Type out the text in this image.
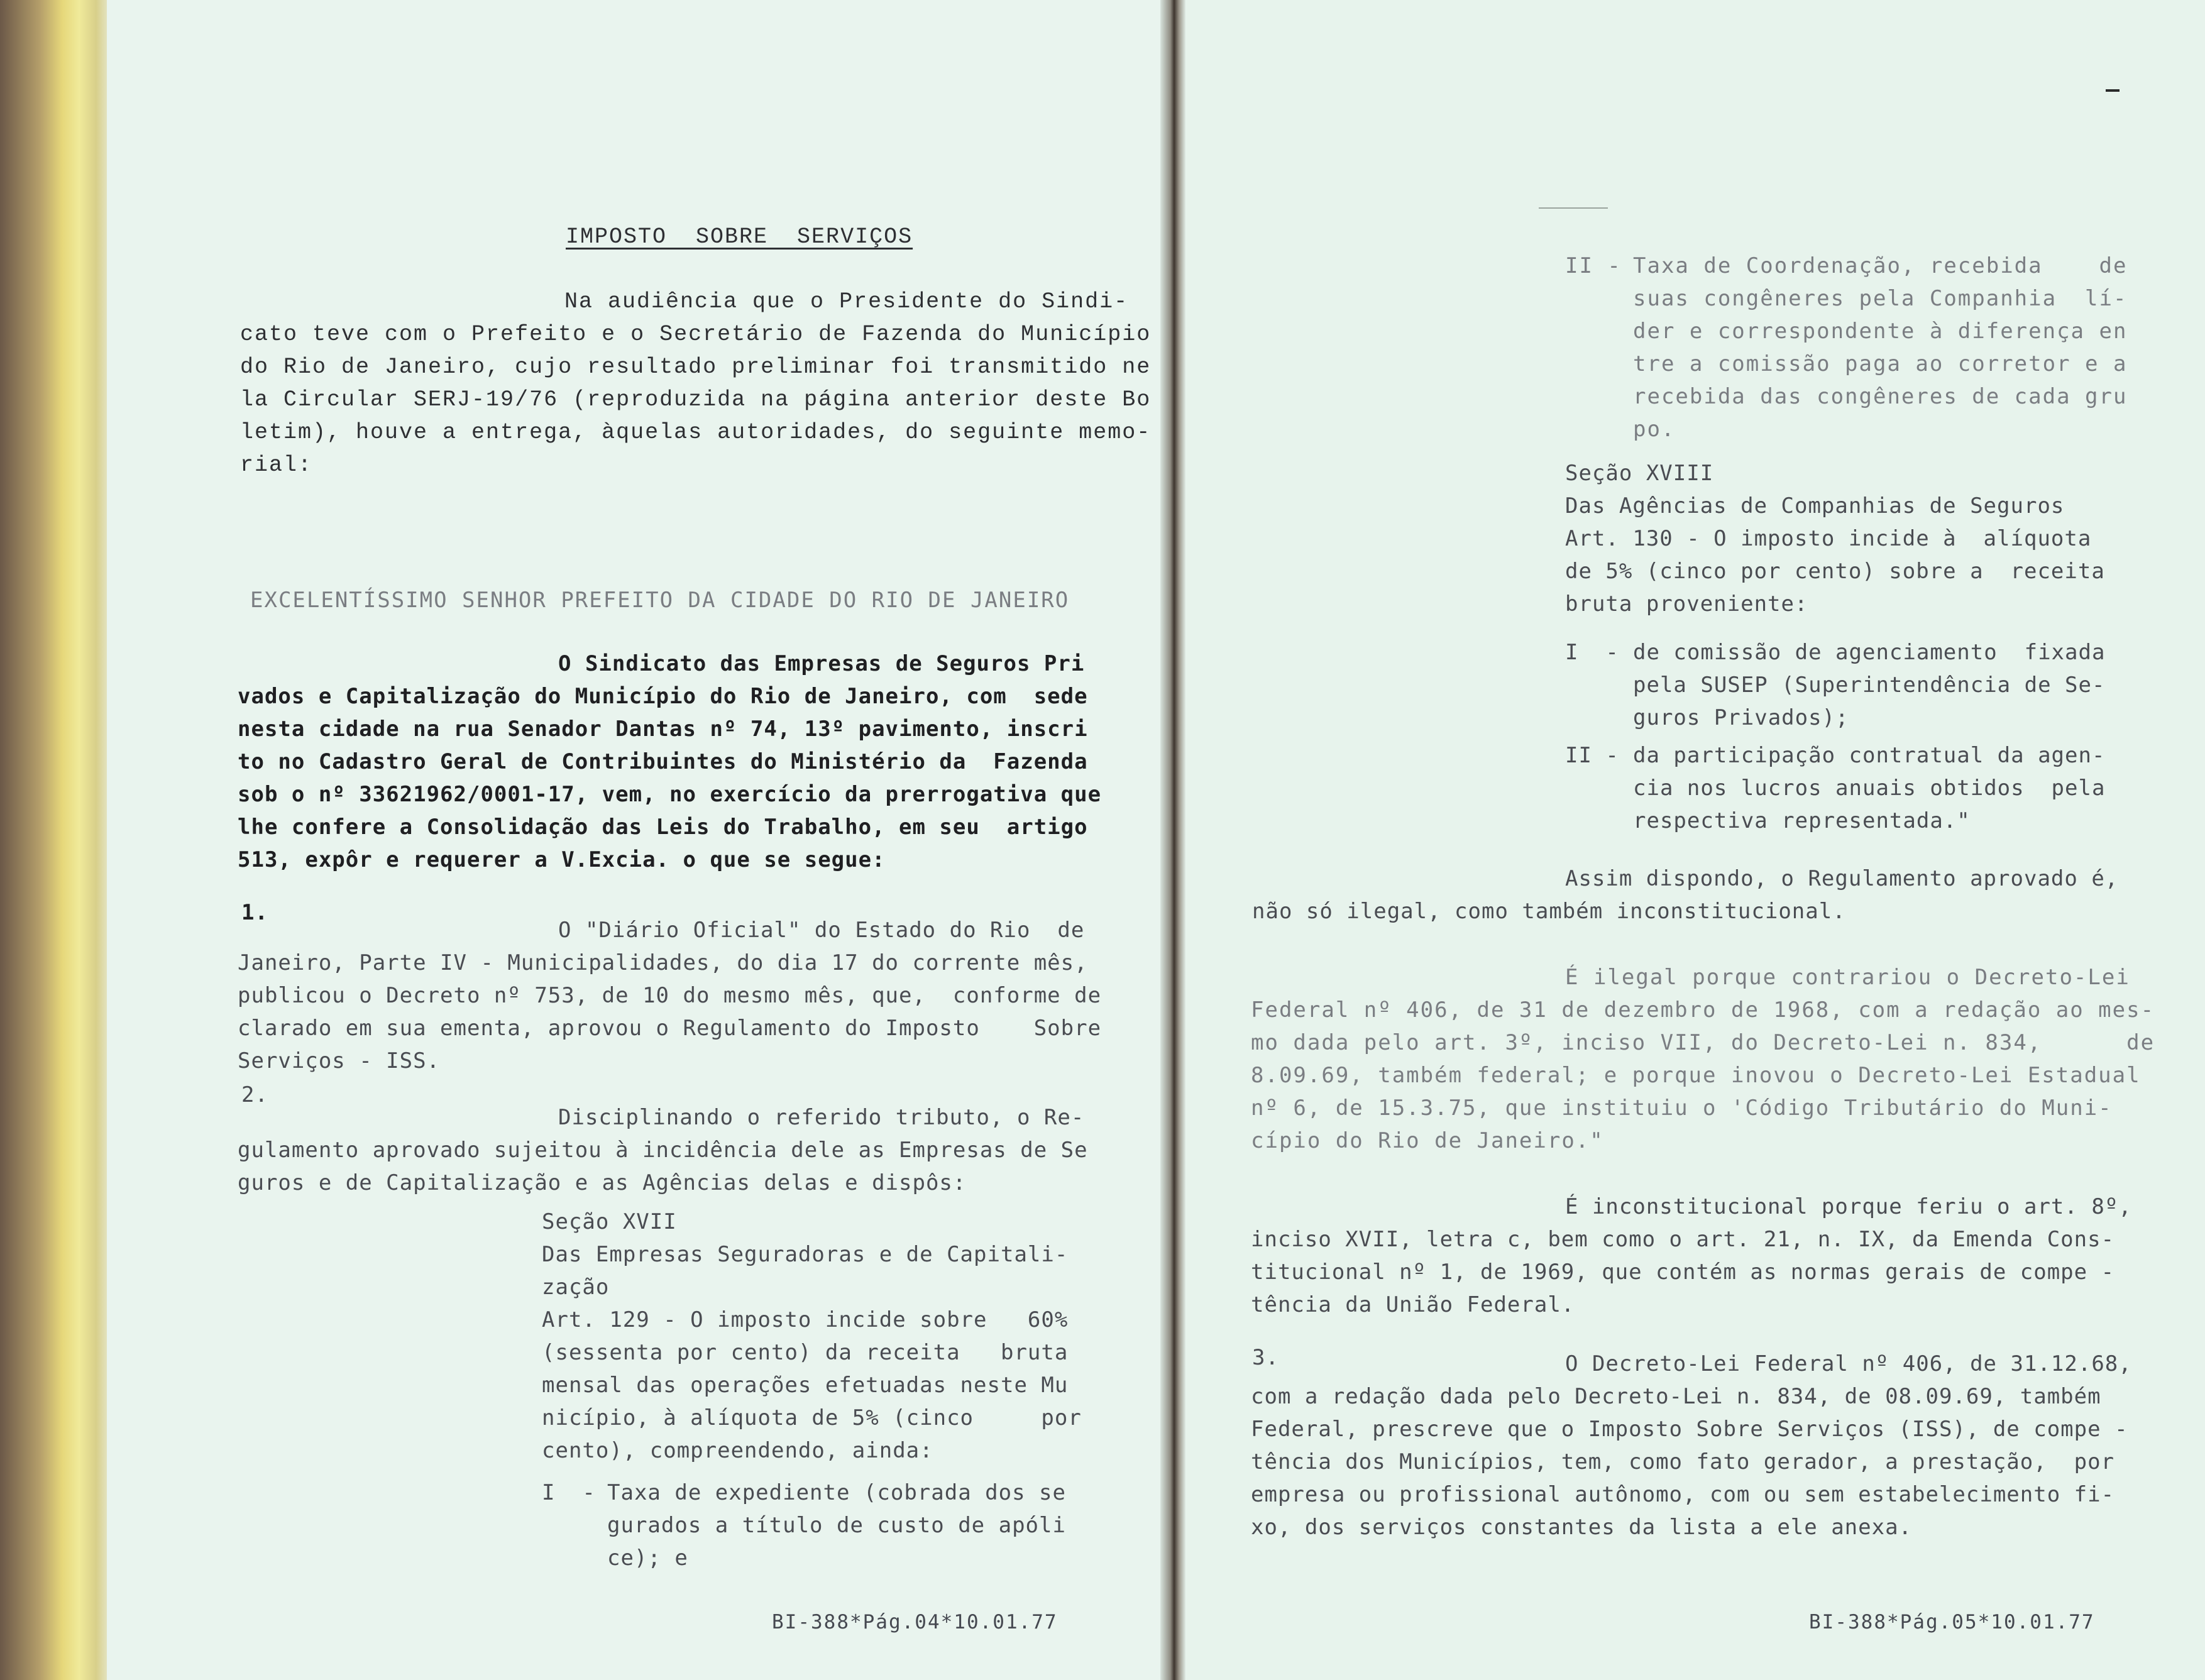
IMPOSTO  SOBRE  SERVIÇOS
Na audiência que o Presidente do Sindi-
cato teve com o Prefeito e o Secretário de Fazenda do Município
do Rio de Janeiro, cujo resultado preliminar foi transmitido ne
la Circular SERJ-19/76 (reproduzida na página anterior deste Bo
letim), houve a entrega, àquelas autoridades, do seguinte memo-
rial:
EXCELENTÍSSIMO SENHOR PREFEITO DA CIDADE DO RIO DE JANEIRO
O Sindicato das Empresas de Seguros Pri
vados e Capitalização do Município do Rio de Janeiro, com  sede
nesta cidade na rua Senador Dantas nº 74, 13º pavimento, inscri
to no Cadastro Geral de Contribuintes do Ministério da  Fazenda
sob o nº 33621962/0001-17, vem, no exercício da prerrogativa que
lhe confere a Consolidação das Leis do Trabalho, em seu  artigo
513, expôr e requerer a V.Excia. o que se segue:
1.
O "Diário Oficial" do Estado do Rio  de
Janeiro, Parte IV - Municipalidades, do dia 17 do corrente mês,
publicou o Decreto nº 753, de 10 do mesmo mês, que,  conforme de
clarado em sua ementa, aprovou o Regulamento do Imposto    Sobre
Serviços - ISS.
2.
Disciplinando o referido tributo, o Re-
gulamento aprovado sujeitou à incidência dele as Empresas de Se
guros e de Capitalização e as Agências delas e dispôs:
Seção XVII
Das Empresas Seguradoras e de Capitali-
zação
Art. 129 - O imposto incide sobre   60%
(sessenta por cento) da receita   bruta
mensal das operações efetuadas neste Mu
nicípio, à alíquota de 5% (cinco     por
cento), compreendendo, ainda:
I  - Taxa de expediente (cobrada dos se
gurados a título de custo de apóli
ce); e
BI-388*Pág.04*10.01.77
II - Taxa de Coordenação, recebida    de
suas congêneres pela Companhia  lí-
der e correspondente à diferença en
tre a comissão paga ao corretor e a
recebida das congêneres de cada gru
po.
Seção XVIII
Das Agências de Companhias de Seguros
Art. 130 - O imposto incide à  alíquota
de 5% (cinco por cento) sobre a  receita
bruta proveniente:
I  - de comissão de agenciamento  fixada
pela SUSEP (Superintendência de Se-
guros Privados);
II - da participação contratual da agen-
cia nos lucros anuais obtidos  pela
respectiva representada."
Assim dispondo, o Regulamento aprovado é,
não só ilegal, como também inconstitucional.
É ilegal porque contrariou o Decreto-Lei
Federal nº 406, de 31 de dezembro de 1968, com a redação ao mes-
mo dada pelo art. 3º, inciso VII, do Decreto-Lei n. 834,      de
8.09.69, também federal; e porque inovou o Decreto-Lei Estadual
nº 6, de 15.3.75, que instituiu o 'Código Tributário do Muni-
cípio do Rio de Janeiro."
É inconstitucional porque feriu o art. 8º,
inciso XVII, letra c, bem como o art. 21, n. IX, da Emenda Cons-
titucional nº 1, de 1969, que contém as normas gerais de compe -
tência da União Federal.
3.	O Decreto-Lei Federal nº 406, de 31.12.68,
com a redação dada pelo Decreto-Lei n. 834, de 08.09.69, também
Federal, prescreve que o Imposto Sobre Serviços (ISS), de compe -
tência dos Municípios, tem, como fato gerador, a prestação,  por
empresa ou profissional autônomo, com ou sem estabelecimento fi-
xo, dos serviços constantes da lista a ele anexa.
BI-388*Pág.05*10.01.77
